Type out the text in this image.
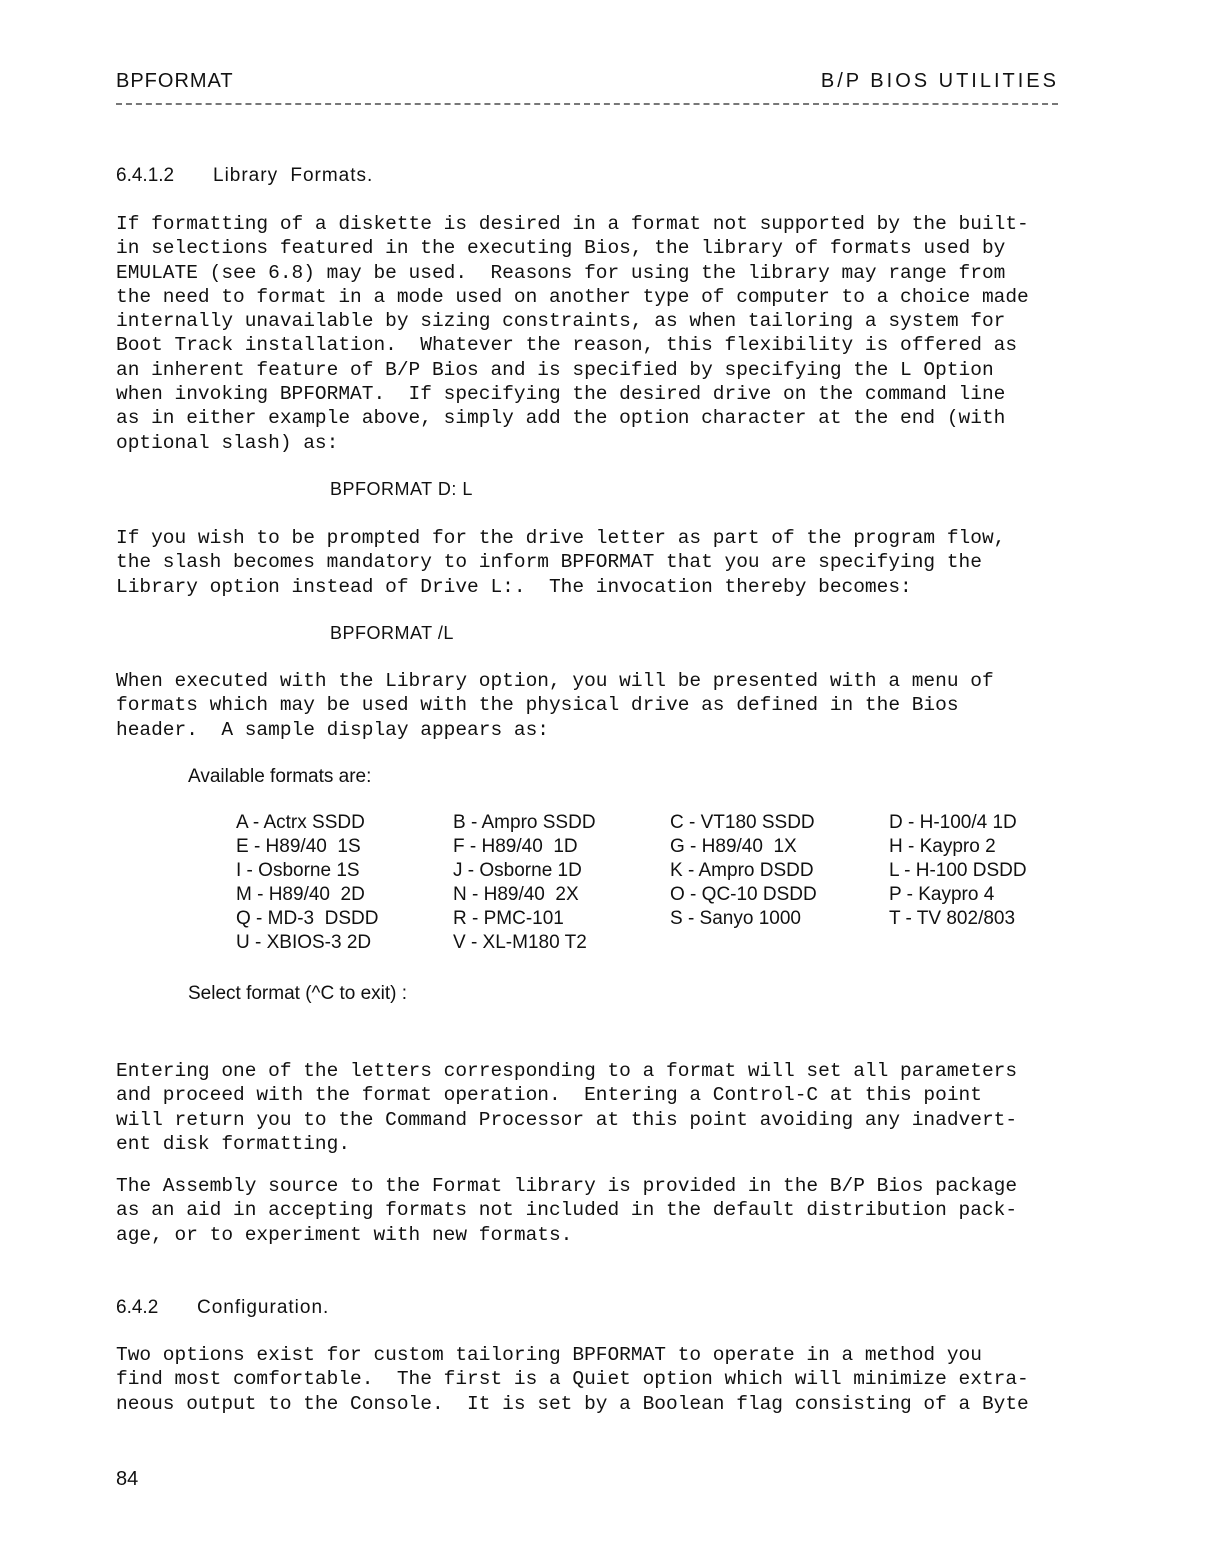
BPFORMAT	B/P BIOS UTILITIES
6.4.1.2 Library Formats.
If formatting of a diskette is desired in a format not supported by the built-
in selections featured in the executing Bios, the library of formats used by
EMULATE (see 6.8) may be used.  Reasons for using the library may range from
the need to format in a mode used on another type of computer to a choice made
internally unavailable by sizing constraints, as when tailoring a system for
Boot Track installation.  Whatever the reason, this flexibility is offered as
an inherent feature of B/P Bios and is specified by specifying the L Option
when invoking BPFORMAT.  If specifying the desired drive on the command line
as in either example above, simply add the option character at the end (with
optional slash) as:
BPFORMAT D: L
If you wish to be prompted for the drive letter as part of the program flow,
the slash becomes mandatory to inform BPFORMAT that you are specifying the
Library option instead of Drive L:.  The invocation thereby becomes:
BPFORMAT /L
When executed with the Library option, you will be presented with a menu of
formats which may be used with the physical drive as defined in the Bios
header.  A sample display appears as:
Available formats are:
A - Actrx SSDD	B - Ampro SSDD	C - VT180 SSDD	D - H-100/4 1D
E - H89/40  1S	F - H89/40  1D	G - H89/40  1X	H - Kaypro 2
I - Osborne 1S	J - Osborne 1D	K - Ampro DSDD	L - H-100 DSDD
M - H89/40  2D	N - H89/40  2X	O - QC-10 DSDD	P - Kaypro 4
Q - MD-3  DSDD	R - PMC-101	S - Sanyo 1000	T - TV 802/803
U - XBIOS-3 2D	V - XL-M180 T2		
Select format (^C to exit) :
Entering one of the letters corresponding to a format will set all parameters
and proceed with the format operation.  Entering a Control-C at this point
will return you to the Command Processor at this point avoiding any inadvert-
ent disk formatting.
The Assembly source to the Format library is provided in the B/P Bios package
as an aid in accepting formats not included in the default distribution pack-
age, or to experiment with new formats.
6.4.2 Configuration.
Two options exist for custom tailoring BPFORMAT to operate in a method you
find most comfortable.  The first is a Quiet option which will minimize extra-
neous output to the Console.  It is set by a Boolean flag consisting of a Byte
84
